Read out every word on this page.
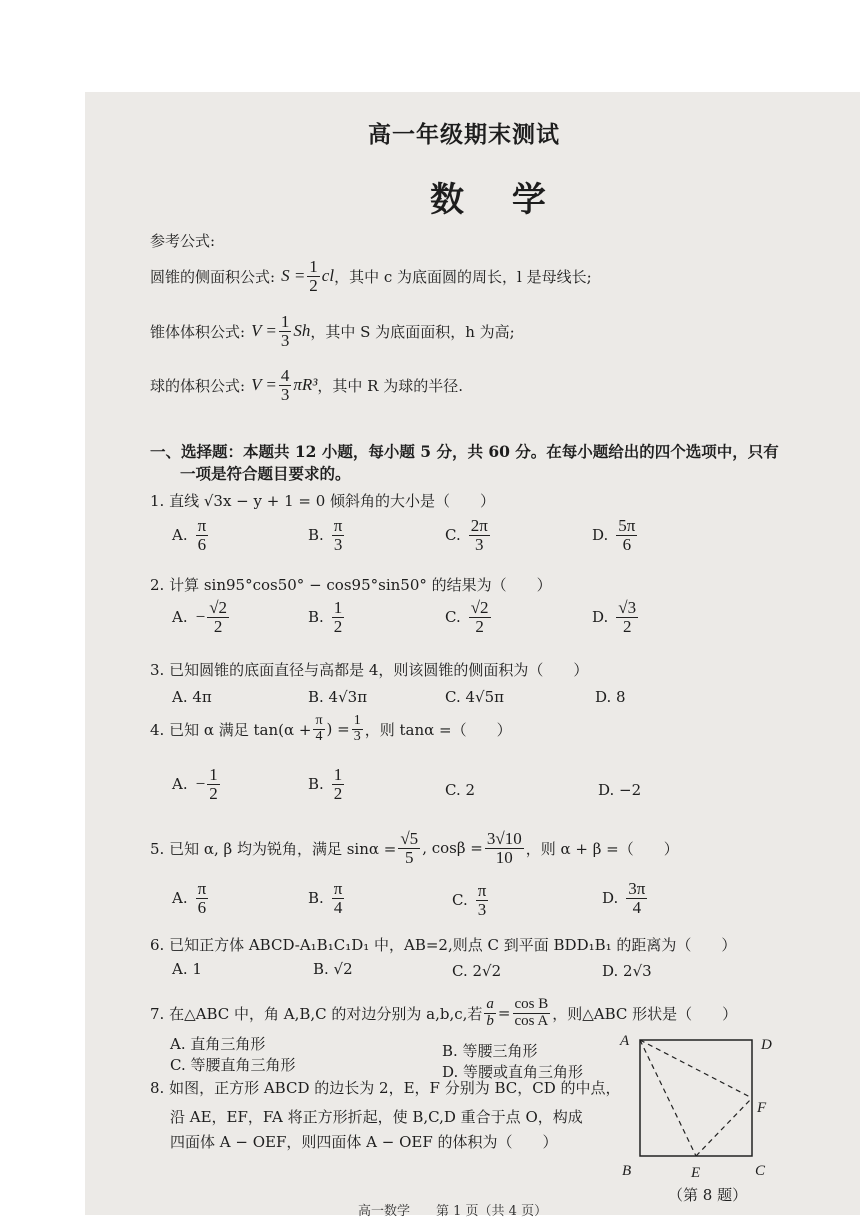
高一年级期末测试
数 学
参考公式:
圆锥的侧面积公式: $S = \frac{1}{2}$ cl ，其中 c 为底面圆的周长，l 是母线长;
锥体体积公式: $V = \frac{1}{3}$ Sh ，其中 S 为底面面积，h 为高;
球的体积公式: $V = \frac{4}{3} \pi R^3$ ，其中 R 为球的半径.
一、选择题：本题共 12 小题，每小题 5 分，共 60 分。在每小题给出的四个选项中，只有
一项是符合题目要求的。
1. 直线 √3x − y + 1 = 0 倾斜角的大小是（　　）
A. $\frac{\pi}{6}$	B. $\frac{\pi}{3}$	C. $\frac{2\pi}{3}$	D. $\frac{5\pi}{6}$
2. 计算 sin95°cos50° − cos95°sin50° 的结果为（　　）
A. − $\frac{√2}{2}$	B. $\frac{1}{2}$	C. $\frac{√2}{2}$	D. $\frac{√3}{2}$
3. 已知圆锥的底面直径与高都是 4，则该圆锥的侧面积为（　　）
A. 4π	B. 4√3π	C. 4√5π	D. 8
4. 已知 α 满足 $\tan(\alpha + \frac{\pi}{4}$ ) = $\frac{1}{3}$ ，则 tanα =（　　）
A. − $\frac{1}{2}$	B. $\frac{1}{2}$	C. 2	D. −2
5. 已知 α, β 均为锐角，满足 $\sin\alpha = \frac{√5}{5}$ , $\cos\beta = \frac{3√10}{10}$ ，则 α + β =（　　）
A. $\frac{\pi}{6}$	B. $\frac{\pi}{4}$	C. $\frac{\pi}{3}$	D. $\frac{3\pi}{4}$
6. 已知正方体 ABCD-A₁B₁C₁D₁ 中，AB=2,则点 C 到平面 BDD₁B₁ 的距离为（　　）
A. 1	B. √2	C. 2√2	D. 2√3
7. 在△ABC 中，角 A,B,C 的对边分别为 a,b,c,若 $\frac{a}{b} = \frac{\text{cos B}}{\text{cos A}}$ ，则△ABC 形状是（　　）
A. 直角三角形	B. 等腰三角形
C. 等腰直角三角形	D. 等腰或直角三角形
8. 如图，正方形 ABCD 的边长为 2，E，F 分别为 BC，CD 的中点，
沿 AE，EF，FA 将正方形折起，使 B,C,D 重合于点 O，构成
四面体 A − OEF，则四面体 A − OEF 的体积为（　　）
A	D
F
B	E	C
（第 8 题）
高一数学　　第 1 页（共 4 页）
